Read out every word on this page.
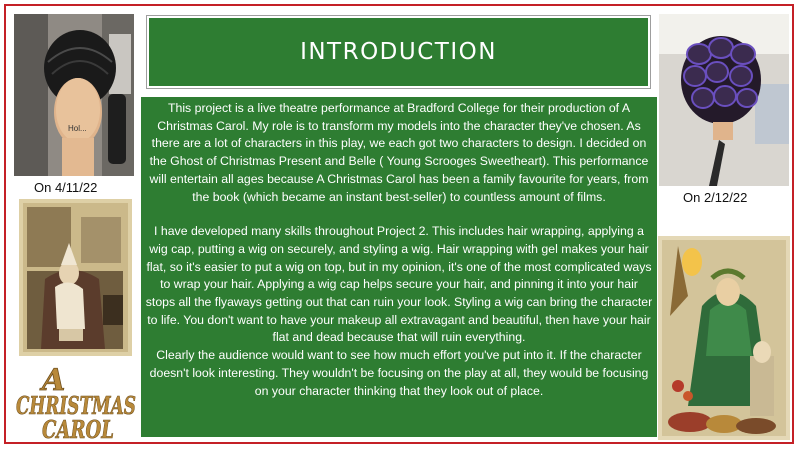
Hol...
On 4/11/22
A
CHRISTMAS
CAROL
INTRODUCTION

This project is a live theatre performance at Bradford College for their production of A Christmas Carol. My role is to transform my models into the character they've chosen. As there are a lot of characters in this play, we each got two characters to design. I decided on the Ghost of Christmas Present and Belle ( Young Scrooges Sweetheart). This performance will entertain all ages because A Christmas Carol has been a family favourite for years, from the book (which became an instant best-seller) to countless amount of films.

I have developed many skills throughout Project 2. This includes hair wrapping, applying a wig cap, putting a wig on securely, and styling a wig. Hair wrapping with gel makes your hair flat, so it's easier to put a wig on top, but in my opinion, it's one of the most complicated ways to wrap your hair. Applying a wig cap helps secure your hair, and pinning it into your hair stops all the flyaways getting out that can ruin your look. Styling a wig can bring the character to life. You don't want to have your makeup all extravagant and beautiful, then have your hair flat and dead because that will ruin everything.

Clearly the audience would want to see how much effort you've put into it. If the character doesn't look interesting. They wouldn't be focusing on the play at all, they would be focusing on your character thinking that they look out of place.

On 2/12/22
